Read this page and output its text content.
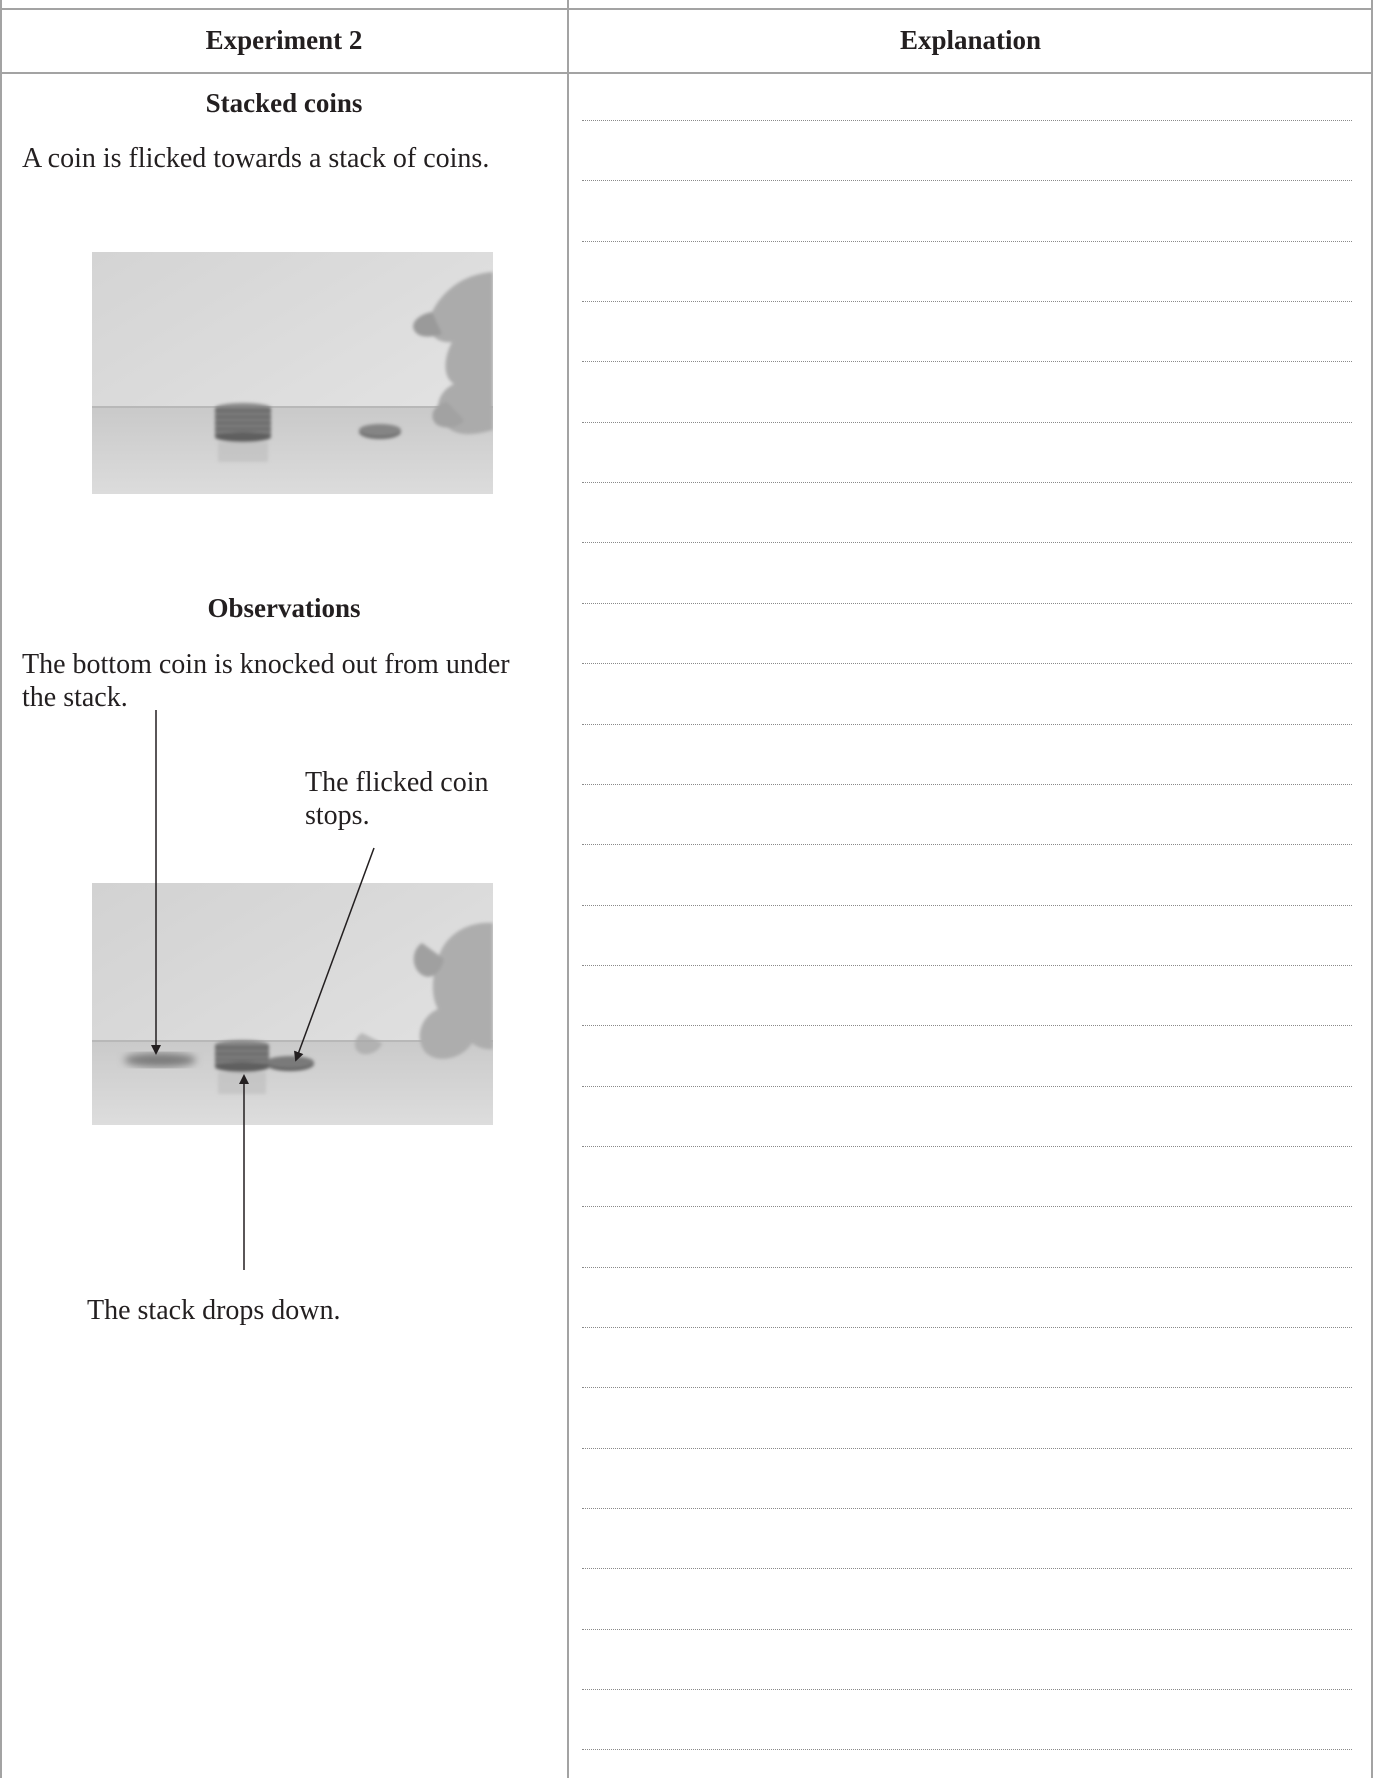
Experiment 2	Explanation
Stacked coins
A coin is flicked towards a stack of coins.
Observations
The bottom coin is knocked out from under the stack.
The flicked coin stops.
The stack drops down.
